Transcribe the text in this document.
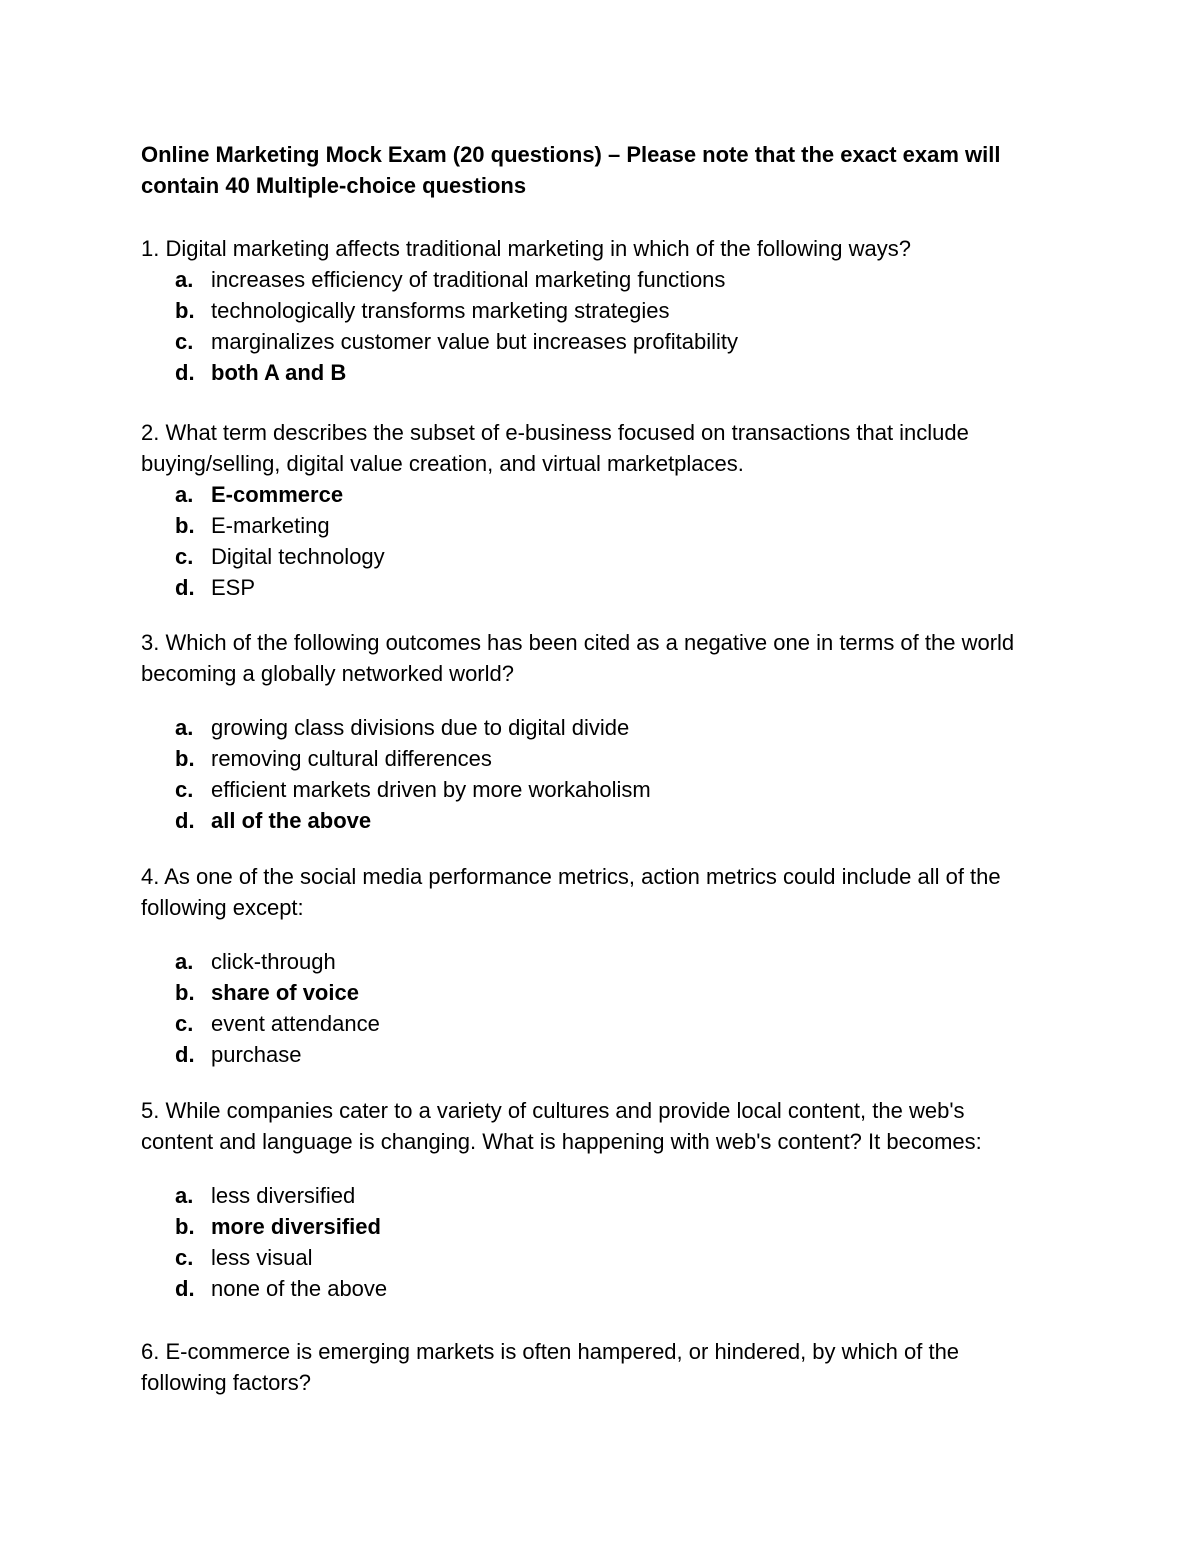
Online Marketing Mock Exam (20 questions) – Please note that the exact exam will contain 40 Multiple-choice questions

1. Digital marketing affects traditional marketing in which of the following ways?

a. increases efficiency of traditional marketing functions
b. technologically transforms marketing strategies
c. marginalizes customer value but increases profitability
d. both A and B

2. What term describes the subset of e-business focused on transactions that include buying/selling, digital value creation, and virtual marketplaces.

a. E-commerce
b. E-marketing
c. Digital technology
d. ESP

3. Which of the following outcomes has been cited as a negative one in terms of the world becoming a globally networked world?

a. growing class divisions due to digital divide
b. removing cultural differences
c. efficient markets driven by more workaholism
d. all of the above

4. As one of the social media performance metrics, action metrics could include all of the following except:

a. click-through
b. share of voice
c. event attendance
d. purchase

5. While companies cater to a variety of cultures and provide local content, the web's content and language is changing. What is happening with web's content? It becomes:

a. less diversified
b. more diversified
c. less visual
d. none of the above

6. E-commerce is emerging markets is often hampered, or hindered, by which of the following factors?
